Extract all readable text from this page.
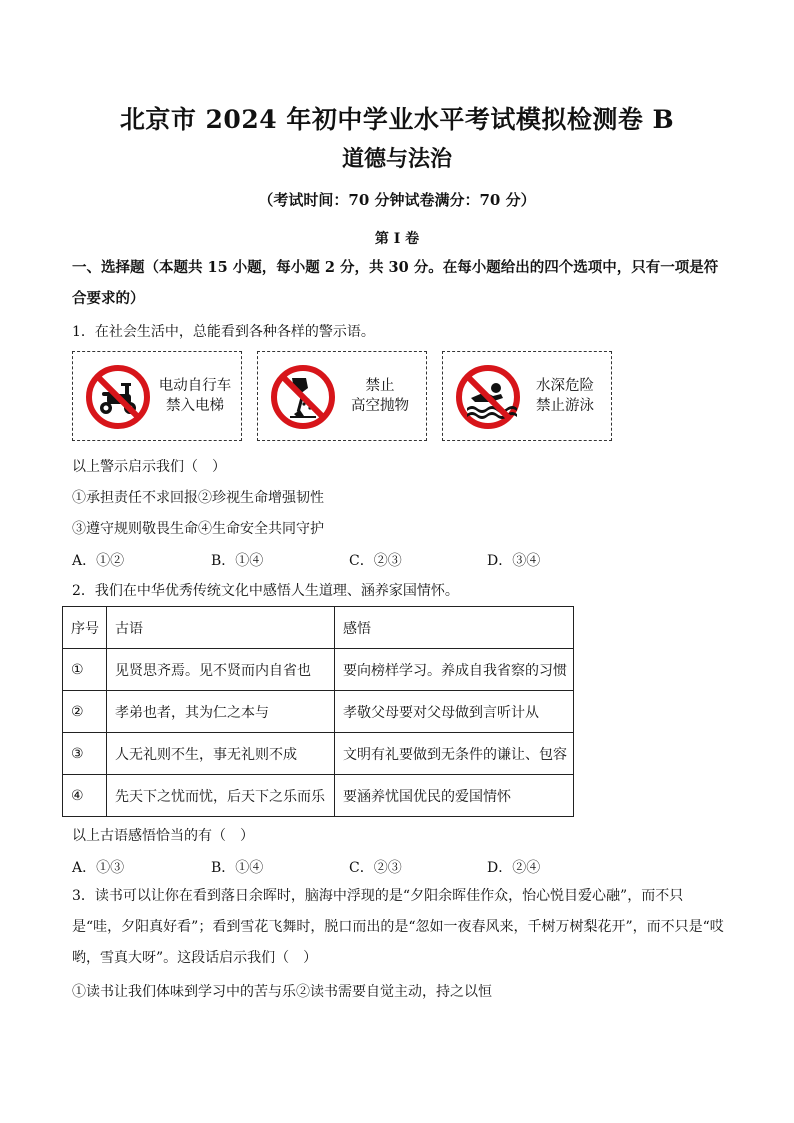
北京市 2024 年初中学业水平考试模拟检测卷 B
道德与法治
（考试时间：70 分钟试卷满分：70 分）
第 I 卷
一、选择题（本题共 15 小题，每小题 2 分，共 30 分。在每小题给出的四个选项中，只有一项是符合要求的）
1．在社会生活中，总能看到各种各样的警示语。
电动自行车
禁入电梯
禁止
高空抛物
水深危险
禁止游泳
以上警示启示我们（　）
①承担责任不求回报②珍视生命增强韧性
③遵守规则敬畏生命④生命安全共同守护
A．①②	B．①④	C．②③	D．③④
2．我们在中华优秀传统文化中感悟人生道理、涵养家国情怀。
序号	古语	感悟
①	见贤思齐焉。见不贤而内自省也	要向榜样学习。养成自我省察的习惯
②	孝弟也者，其为仁之本与	孝敬父母要对父母做到言听计从
③	人无礼则不生，事无礼则不成	文明有礼要做到无条件的谦让、包容
④	先天下之忧而忧，后天下之乐而乐	要涵养忧国优民的爱国情怀
以上古语感悟恰当的有（　）
A．①③	B．①④	C．②③	D．②④
3．读书可以让你在看到落日余晖时，脑海中浮现的是“夕阳余晖佳作众，怡心悦目爱心融”，而不只是“哇，夕阳真好看”；看到雪花飞舞时，脱口而出的是“忽如一夜春风来，千树万树梨花开”，而不只是“哎哟，雪真大呀”。这段话启示我们（　）
①读书让我们体味到学习中的苦与乐②读书需要自觉主动，持之以恒
